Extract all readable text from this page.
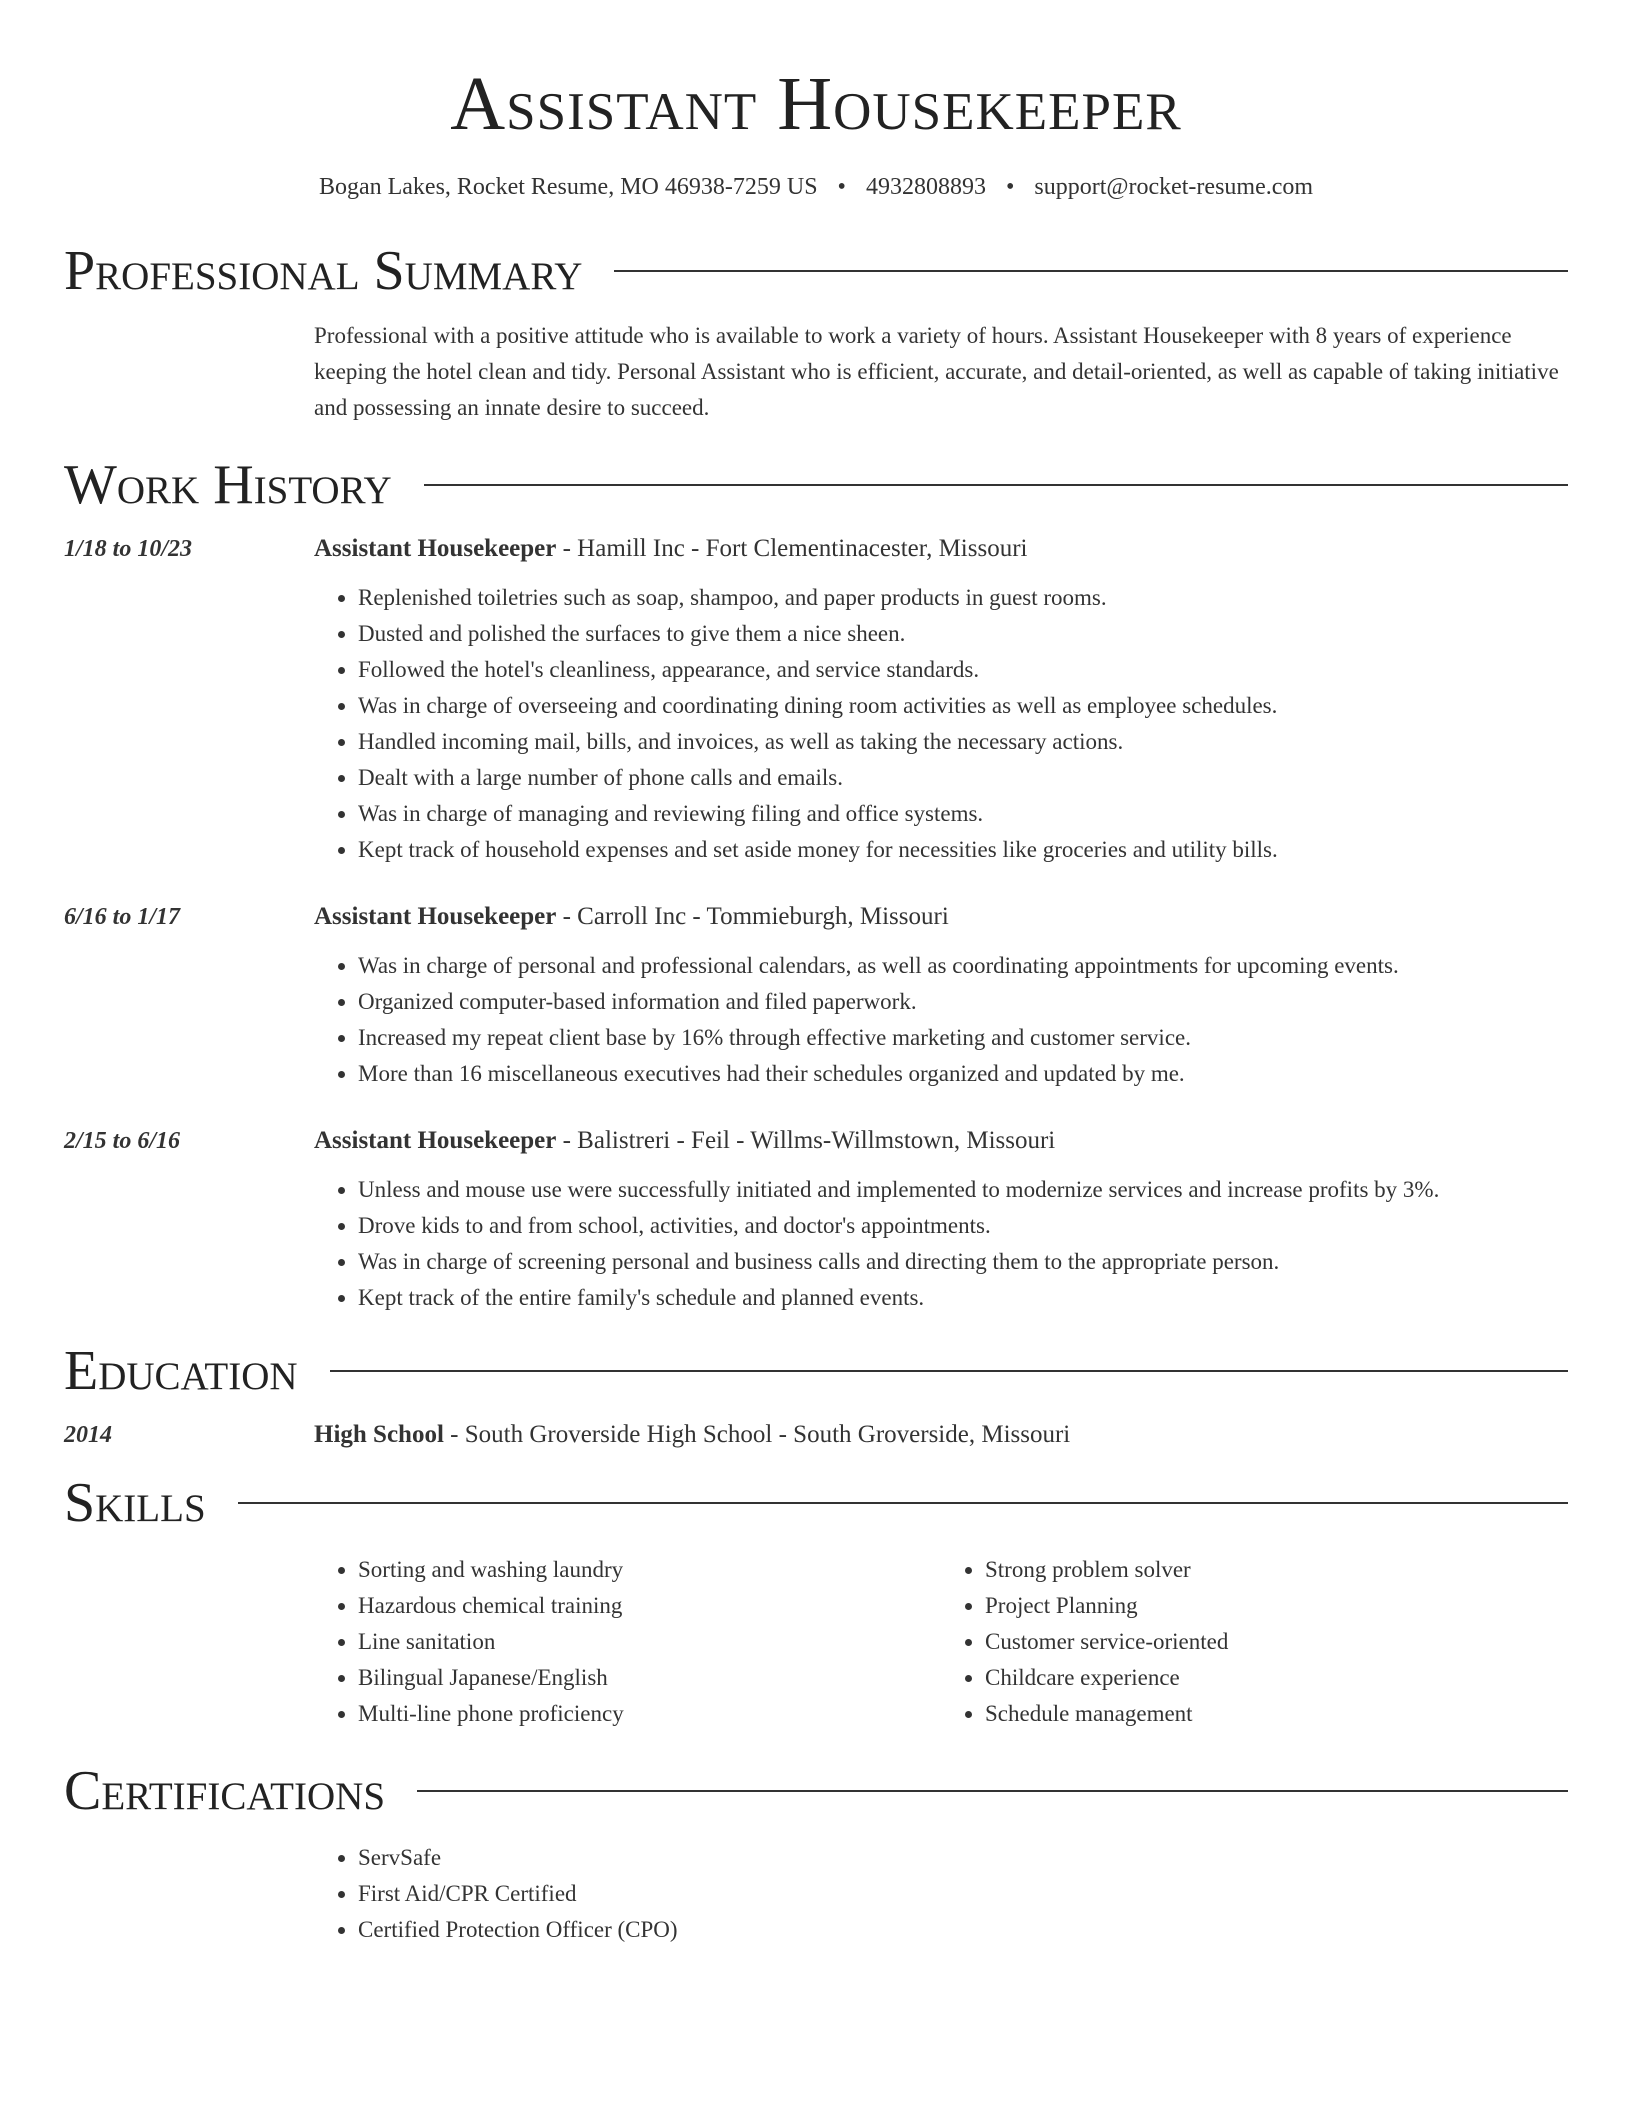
Assistant Housekeeper
Bogan Lakes, Rocket Resume, MO 46938-7259 US • 4932808893 • support@rocket-resume.com
Professional Summary

Professional with a positive attitude who is available to work a variety of hours. Assistant Housekeeper with 8 years of experience keeping the hotel clean and tidy. Personal Assistant who is efficient, accurate, and detail-oriented, as well as capable of taking initiative and possessing an innate desire to succeed.

Work History
1/18 to 10/23	Assistant Housekeeper - Hamill Inc - Fort Clementinacester, Missouri
• Replenished toiletries such as soap, shampoo, and paper products in guest rooms.
• Dusted and polished the surfaces to give them a nice sheen.
• Followed the hotel's cleanliness, appearance, and service standards.
• Was in charge of overseeing and coordinating dining room activities as well as employee schedules.
• Handled incoming mail, bills, and invoices, as well as taking the necessary actions.
• Dealt with a large number of phone calls and emails.
• Was in charge of managing and reviewing filing and office systems.
• Kept track of household expenses and set aside money for necessities like groceries and utility bills.
6/16 to 1/17	Assistant Housekeeper - Carroll Inc - Tommieburgh, Missouri
• Was in charge of personal and professional calendars, as well as coordinating appointments for upcoming events.
• Organized computer-based information and filed paperwork.
• Increased my repeat client base by 16% through effective marketing and customer service.
• More than 16 miscellaneous executives had their schedules organized and updated by me.
2/15 to 6/16	Assistant Housekeeper - Balistreri - Feil - Willms-Willmstown, Missouri
• Unless and mouse use were successfully initiated and implemented to modernize services and increase profits by 3%.
• Drove kids to and from school, activities, and doctor's appointments.
• Was in charge of screening personal and business calls and directing them to the appropriate person.
• Kept track of the entire family's schedule and planned events.
Education
2014	High School - South Groverside High School - South Groverside, Missouri
Skills
• Sorting and washing laundry
• Hazardous chemical training
• Line sanitation
• Bilingual Japanese/English
• Multi-line phone proficiency
• Strong problem solver
• Project Planning
• Customer service-oriented
• Childcare experience
• Schedule management
Certifications
• ServSafe
• First Aid/CPR Certified
• Certified Protection Officer (CPO)
